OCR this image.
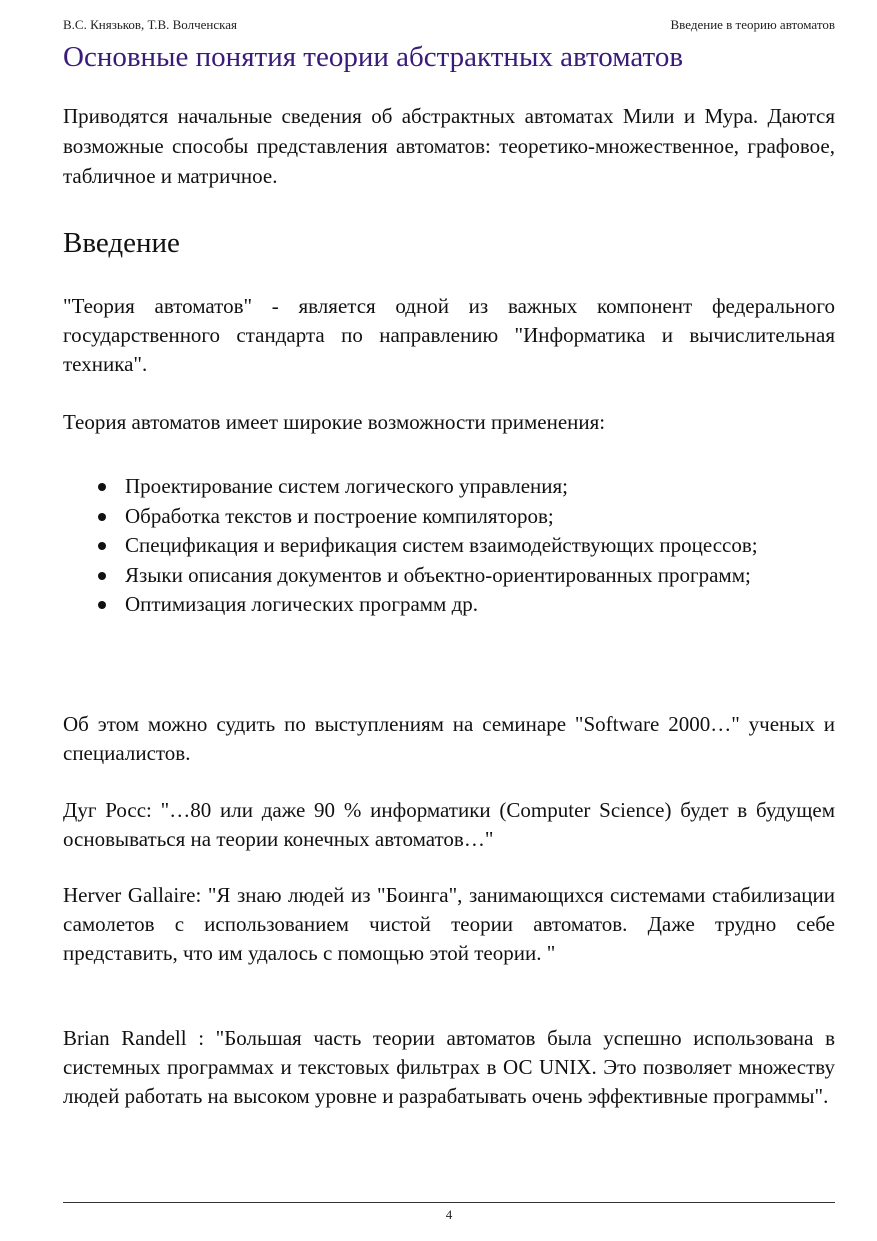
В.С. Князьков, Т.В. Волченская	Введение в теорию автоматов
Основные понятия теории абстрактных автоматов

Приводятся начальные сведения об абстрактных автоматах Мили и Мура. Даются возможные способы представления автоматов: теоретико-множественное, графовое, табличное и матричное.

Введение

"Теория автоматов" - является одной из важных компонент федерального государственного стандарта по направлению "Информатика и вычислительная техника".

Теория автоматов имеет широкие возможности применения:

Проектирование систем логического управления;
Обработка текстов и построение компиляторов;
Спецификация и верификация систем взаимодействующих процессов;
Языки описания документов и объектно-ориентированных программ;
Оптимизация логических программ др.

Об этом можно судить по выступлениям на семинаре "Software 2000…" ученых и специалистов.

Дуг Росс: "…80 или даже 90 % информатики (Computer Science) будет в будущем основываться на теории конечных автоматов…"

Herver Gallaire: "Я знаю людей из "Боинга", занимающихся системами стабилизации самолетов с использованием чистой теории автоматов. Даже трудно себе представить, что им удалось с помощью этой теории. "

Brian Randell : "Большая часть теории автоматов была успешно использована в системных программах и текстовых фильтрах в ОС UNIX. Это позволяет множеству людей работать на высоком уровне и разрабатывать очень эффективные программы".

4
